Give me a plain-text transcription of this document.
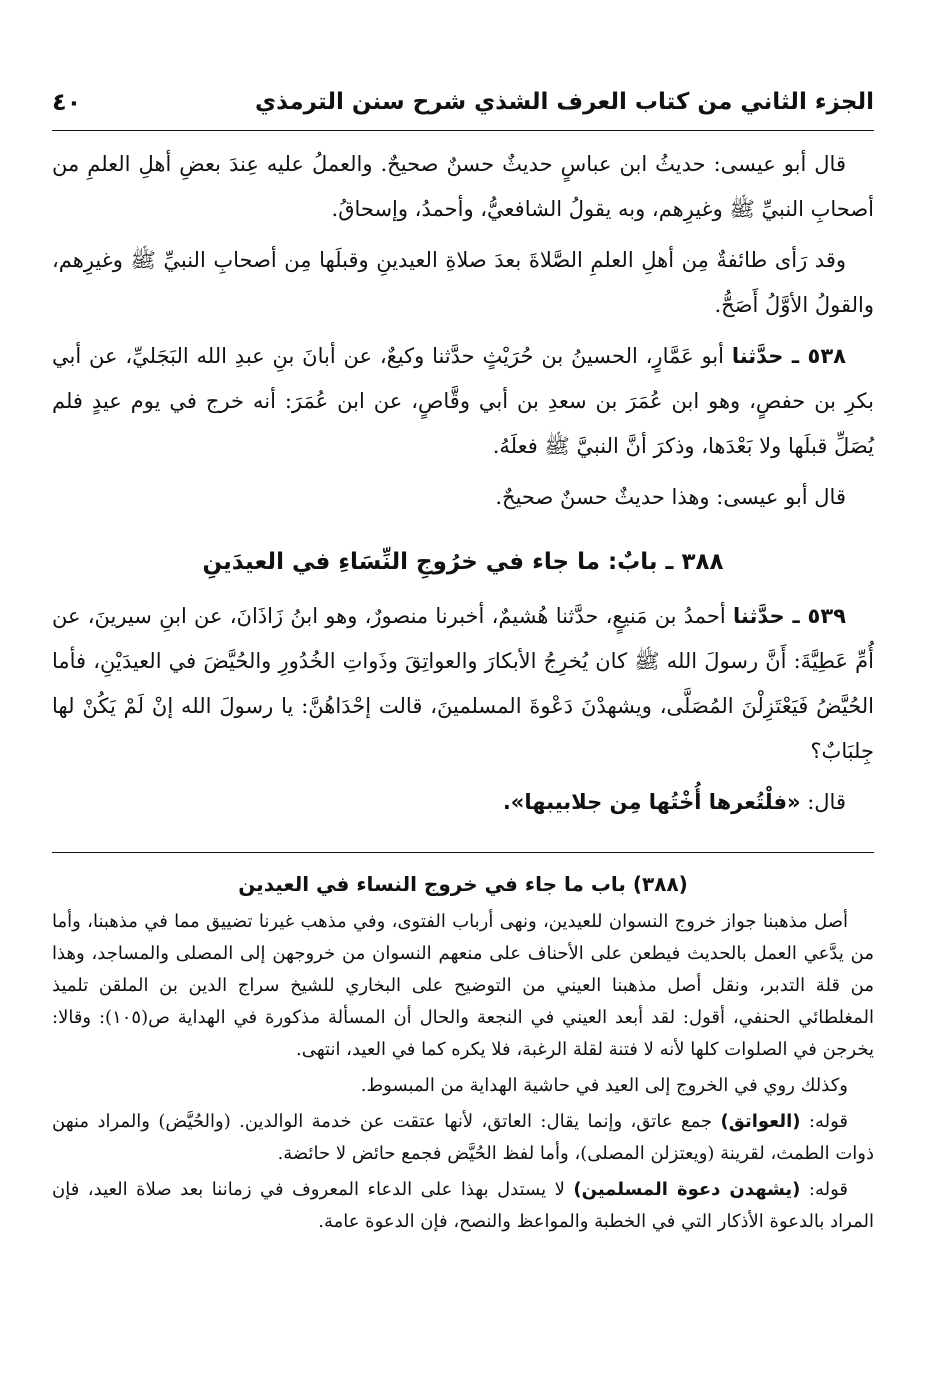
الجزء الثاني من كتاب العرف الشذي شرح سنن الترمذي
٤٠

قال أبو عيسى: حديثُ ابن عباسٍ حديثٌ حسنٌ صحيحٌ. والعملُ عليه عِندَ بعضِ أهلِ العلمِ من أصحابِ النبيِّ ﷺ وغيرِهم، وبه يقولُ الشافعيُّ، وأحمدُ، وإسحاقُ.

وقد رَأى طائفةٌ مِن أهلِ العلمِ الصَّلاةَ بعدَ صلاةِ العيدينِ وقبلَها مِن أصحابِ النبيِّ ﷺ وغيرِهم، والقولُ الأوَّلُ أَصَحُّ.

٥٣٨ ـ حدَّثنا أبو عَمَّارٍ، الحسينُ بن حُرَيْثٍ حدَّثنا وكيعٌ، عن أبانَ بنِ عبدِ الله البَجَليِّ، عن أبي بكرِ بن حفصٍ، وهو ابن عُمَرَ بن سعدِ بن أبي وقَّاصٍ، عن ابن عُمَرَ: أنه خرج في يوم عيدٍ فلم يُصَلِّ قبلَها ولا بَعْدَها، وذكرَ أنَّ النبيَّ ﷺ فعلَهُ.

قال أبو عيسى: وهذا حديثٌ حسنٌ صحيحٌ.

٣٨٨ ـ بابٌ: ما جاء في خرُوجِ النِّسَاءِ في العيدَينِ

٥٣٩ ـ حدَّثنا أحمدُ بن مَنيعٍ، حدَّثنا هُشيمٌ، أخبرنا منصورٌ، وهو ابنُ زَاذَانَ، عن ابنِ سيرينَ، عن أُمِّ عَطِيَّةَ: أَنَّ رسولَ الله ﷺ كان يُخرِجُ الأبكارَ والعواتِقَ وذَواتِ الخُدُورِ والحُيَّضَ في العيدَيْنِ، فأما الحُيَّضُ فَيَعْتَزِلْنَ المُصَلَّى، ويشهدْنَ دَعْوةَ المسلمينَ، قالت إحْدَاهُنَّ: يا رسولَ الله إنْ لَمْ يَكُنْ لها جِلبَابٌ؟

قال: «فلْتُعرها أُخْتُها مِن جلابيبها».

(٣٨٨) باب ما جاء في خروج النساء في العيدين

أصل مذهبنا جواز خروج النسوان للعيدين، ونهى أرباب الفتوى، وفي مذهب غيرنا تضييق مما في مذهبنا، وأما من يدَّعي العمل بالحديث فيطعن على الأحناف على منعهم النسوان من خروجهن إلى المصلى والمساجد، وهذا من قلة التدبر، ونقل أصل مذهبنا العيني من التوضيح على البخاري للشيخ سراج الدين بن الملقن تلميذ المغلطائي الحنفي، أقول: لقد أبعد العيني في النجعة والحال أن المسألة مذكورة في الهداية ص(١٠٥): وقالا: يخرجن في الصلوات كلها لأنه لا فتنة لقلة الرغبة، فلا يكره كما في العيد، انتهى.

وكذلك روي في الخروج إلى العيد في حاشية الهداية من المبسوط.

قوله: (العواتق) جمع عاتق، وإنما يقال: العاتق، لأنها عتقت عن خدمة الوالدين. (والحُيَّض) والمراد منهن ذوات الطمث، لقرينة (ويعتزلن المصلى)، وأما لفظ الحُيَّض فجمع حائض لا حائضة.

قوله: (يشهدن دعوة المسلمين) لا يستدل بهذا على الدعاء المعروف في زماننا بعد صلاة العيد، فإن المراد بالدعوة الأذكار التي في الخطبة والمواعظ والنصح، فإن الدعوة عامة.
